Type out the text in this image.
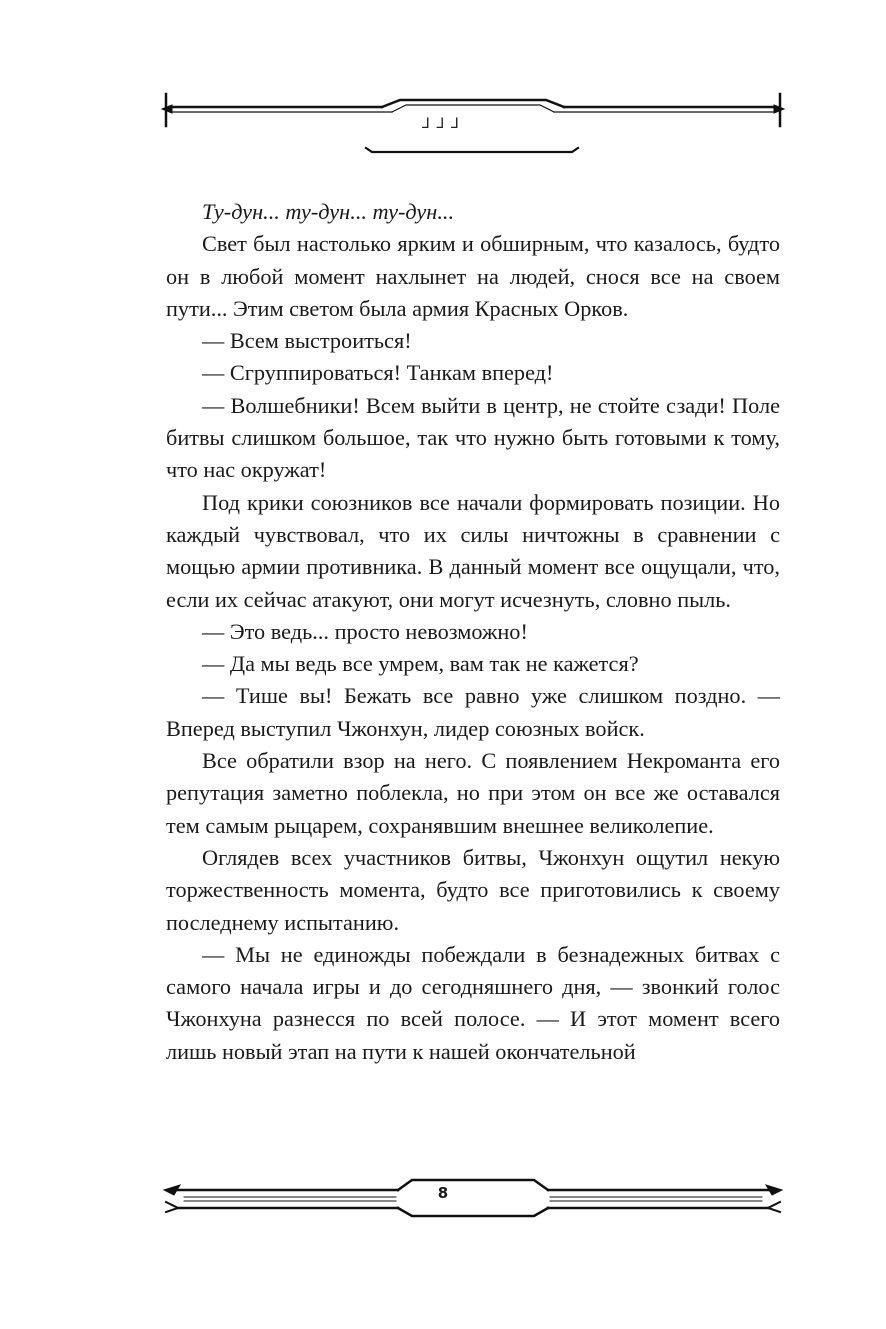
ᒧᒧᒧ

Ту-дун... ту-дун... ту-дун...

Свет был настолько ярким и обширным, что казалось, будто он в любой момент нахлынет на людей, снося все на своем пути... Этим светом была армия Красных Орков.

— Всем выстроиться!

— Сгруппироваться! Танкам вперед!

— Волшебники! Всем выйти в центр, не стойте сзади! Поле битвы слишком большое, так что нужно быть готовыми к тому, что нас окружат!

Под крики союзников все начали формировать позиции. Но каждый чувствовал, что их силы ничтожны в сравнении с мощью армии противника. В данный момент все ощущали, что, если их сейчас атакуют, они могут исчезнуть, словно пыль.

— Это ведь... просто невозможно!

— Да мы ведь все умрем, вам так не кажется?

— Тише вы! Бежать все равно уже слишком поздно. — Вперед выступил Чжонхун, лидер союзных войск.

Все обратили взор на него. С появлением Некроманта его репутация заметно поблекла, но при этом он все же оставался тем самым рыцарем, сохранявшим внешнее великолепие.

Оглядев всех участников битвы, Чжонхун ощутил некую торжественность момента, будто все приготовились к своему последнему испытанию.

— Мы не единожды побеждали в безнадежных битвах с самого начала игры и до сегодняшнего дня, — звонкий голос Чжонхуна разнесся по всей полосе. — И этот момент всего лишь новый этап на пути к нашей окончательной

8
